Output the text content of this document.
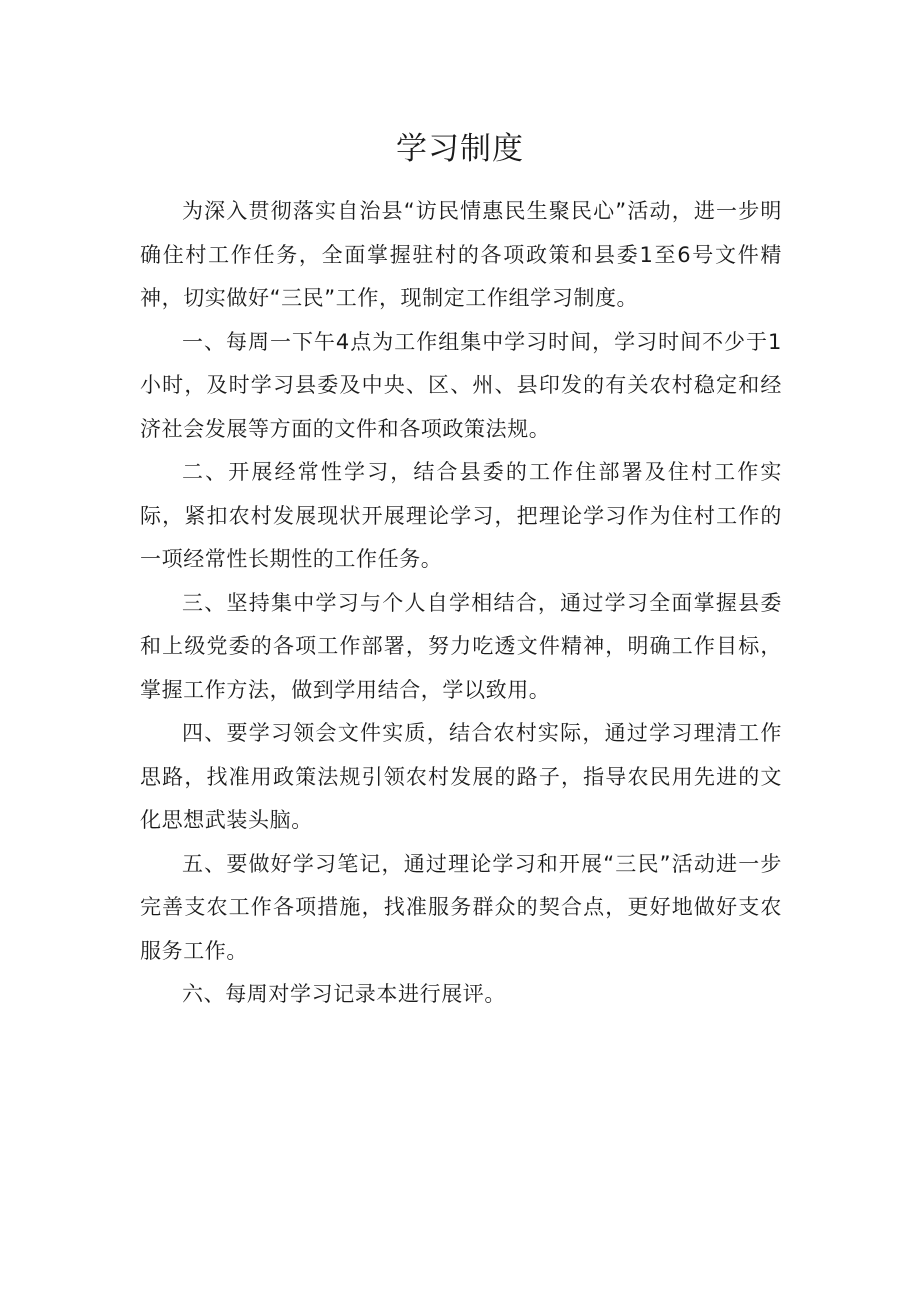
学习制度

为深入贯彻落实自治县“访民情惠民生聚民心”活动，进一步明确住村工作任务，全面掌握驻村的各项政策和县委1至6号文件精神，切实做好“三民”工作，现制定工作组学习制度。

一、每周一下午4点为工作组集中学习时间，学习时间不少于1小时，及时学习县委及中央、区、州、县印发的有关农村稳定和经济社会发展等方面的文件和各项政策法规。

二、开展经常性学习，结合县委的工作住部署及住村工作实际，紧扣农村发展现状开展理论学习，把理论学习作为住村工作的一项经常性长期性的工作任务。

三、坚持集中学习与个人自学相结合，通过学习全面掌握县委和上级党委的各项工作部署，努力吃透文件精神，明确工作目标，掌握工作方法，做到学用结合，学以致用。

四、要学习领会文件实质，结合农村实际，通过学习理清工作思路，找准用政策法规引领农村发展的路子，指导农民用先进的文化思想武装头脑。

五、要做好学习笔记，通过理论学习和开展“三民”活动进一步完善支农工作各项措施，找准服务群众的契合点，更好地做好支农服务工作。

六、每周对学习记录本进行展评。
